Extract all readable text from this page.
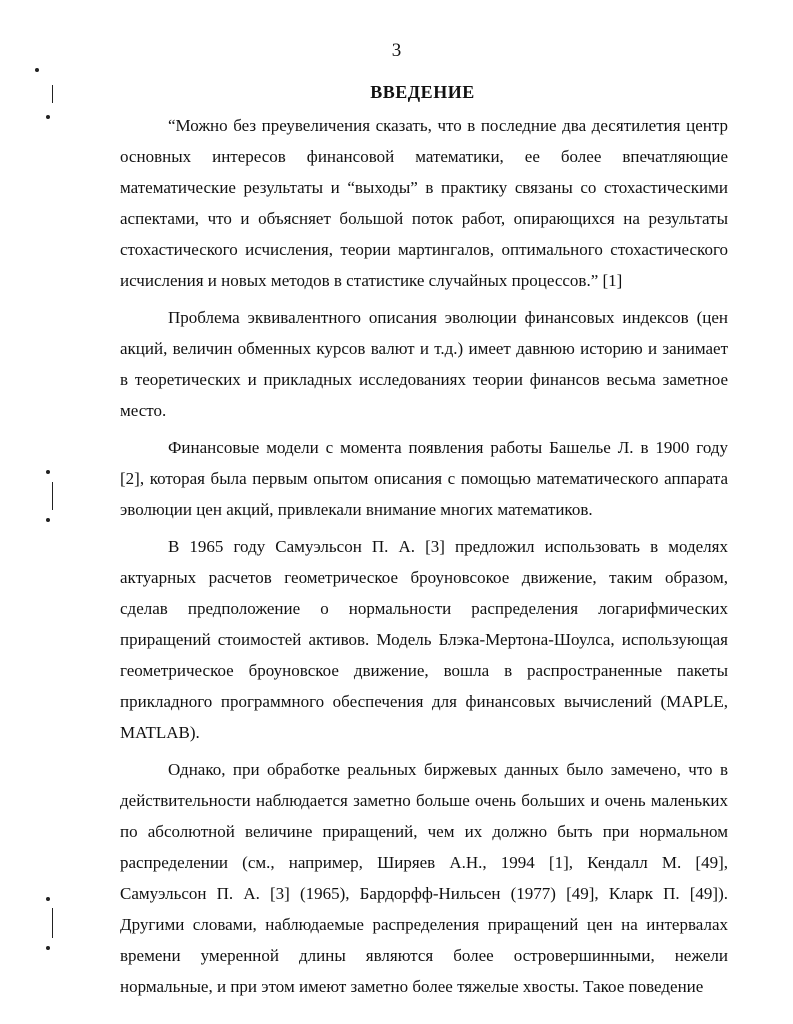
3
ВВЕДЕНИЕ

“Можно без преувеличения сказать, что в последние два десятилетия центр основных интересов финансовой математики, ее более впечатляющие математические результаты и “выходы” в практику связаны со стохастическими аспектами, что и объясняет большой поток работ, опирающихся на результаты стохастического исчисления, теории мартингалов, оптимального стохастического исчисления и новых методов в статистике случайных процессов.” [1]

Проблема эквивалентного описания эволюции финансовых индексов (цен акций, величин обменных курсов валют и т.д.) имеет давнюю историю и занимает в теоретических и прикладных исследованиях теории финансов весьма заметное место.

Финансовые модели с момента появления работы Башелье Л. в 1900 году [2], которая была первым опытом описания с помощью математического аппарата эволюции цен акций, привлекали внимание многих математиков.

В 1965 году Самуэльсон П. А. [3] предложил использовать в моделях актуарных расчетов геометрическое броуновсокое движение, таким образом, сделав предположение о нормальности распределения логарифмических приращений стоимостей активов. Модель Блэка-Мертона-Шоулса, использующая геометрическое броуновское движение, вошла в распространенные пакеты прикладного программного обеспечения для финансовых вычислений (MAPLE, MATLAB).

Однако, при обработке реальных биржевых данных было замечено, что в действительности наблюдается заметно больше очень больших и очень маленьких по абсолютной величине приращений, чем их должно быть при нормальном распределении (см., например, Ширяев А.Н., 1994 [1], Кендалл М. [49], Самуэльсон П. А. [3] (1965), Бардорфф-Нильсен (1977) [49], Кларк П. [49]). Другими словами, наблюдаемые распределения приращений цен на интервалах времени умеренной длины являются более островершинными, нежели нормальные, и при этом имеют заметно более тяжелые хвосты. Такое поведение
